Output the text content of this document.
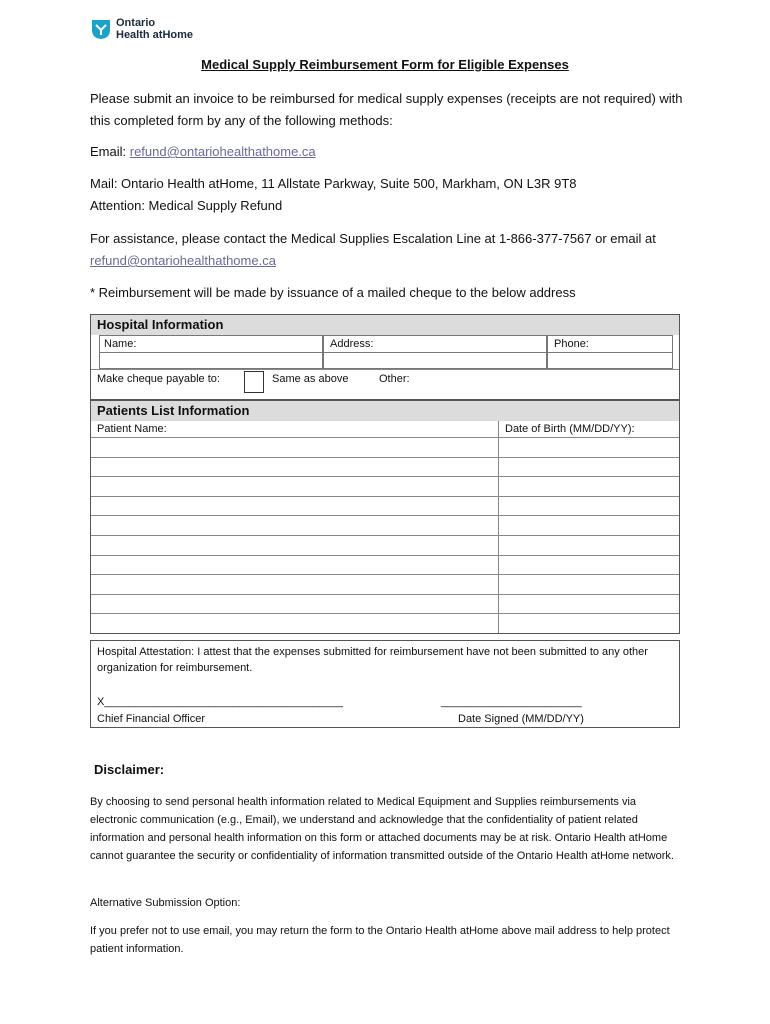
Ontario
Health atHome
Medical Supply Reimbursement Form for Eligible Expenses
Please submit an invoice to be reimbursed for medical supply expenses (receipts are not required) with this completed form by any of the following methods:
Email: refund@ontariohealthathome.ca
Mail: Ontario Health atHome, 11 Allstate Parkway, Suite 500, Markham, ON L3R 9T8
Attention: Medical Supply Refund
For assistance, please contact the Medical Supplies Escalation Line at 1-866-377-7567 or email at refund@ontariohealthathome.ca
* Reimbursement will be made by issuance of a mailed cheque to the below address
Hospital Information
Name:	Address:	Phone:
Make cheque payable to:	Same as above	Other:
Patients List Information
Patient Name:	Date of Birth (MM/DD/YY):
Hospital Attestation: I attest that the expenses submitted for reimbursement have not been submitted to any other organization for reimbursement.
X_______________________________________
Chief Financial Officer
_______________________
Date Signed (MM/DD/YY)
Disclaimer:
By choosing to send personal health information related to Medical Equipment and Supplies reimbursements via electronic communication (e.g., Email), we understand and acknowledge that the confidentiality of patient related information and personal health information on this form or attached documents may be at risk. Ontario Health atHome cannot guarantee the security or confidentiality of information transmitted outside of the Ontario Health atHome network.
Alternative Submission Option:
If you prefer not to use email, you may return the form to the Ontario Health atHome above mail address to help protect patient information.
